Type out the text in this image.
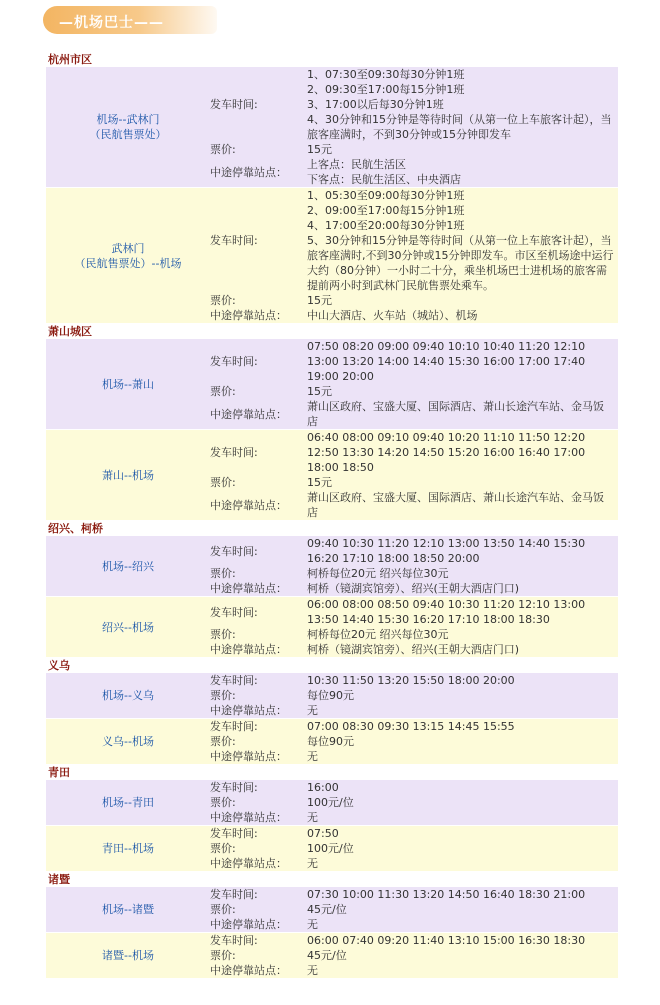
—机场巴士——
杭州市区
机场--武林门
（民航售票处）
发车时间:
1、07:30至09:30每30分钟1班
2、09:30至17:00每15分钟1班
3、17:00以后每30分钟1班
4、30分钟和15分钟是等待时间（从第一位上车旅客计起），当旅客座满时，不到30分钟或15分钟即发车
票价:	15元
中途停靠站点：
上客点：民航生活区
下客点：民航生活区、中央酒店
武林门
（民航售票处）--机场
发车时间:
1、05:30至09:00每30分钟1班
2、09:00至17:00每15分钟1班
4、17:00至20:00每30分钟1班
5、30分钟和15分钟是等待时间（从第一位上车旅客计起），当旅客座满时,不到30分钟或15分钟即发车。市区至机场途中运行大约（80分钟）一小时二十分，乘坐机场巴士进机场的旅客需提前两小时到武林门民航售票处乘车。
票价:	15元
中途停靠站点：	中山大酒店、火车站（城站）、机场
萧山城区
机场--萧山
发车时间:
07:50 08:20 09:00 09:40 10:10 10:40 11:20 12:10
13:00 13:20 14:00 14:40 15:30 16:00 17:00 17:40
19:00 20:00
票价:	15元
中途停靠站点：
萧山区政府、宝盛大厦、国际酒店、萧山长途汽车站、金马饭店
萧山--机场
发车时间:
06:40 08:00 09:10 09:40 10:20 11:10 11:50 12:20
12:50 13:30 14:20 14:50 15:20 16:00 16:40 17:00
18:00 18:50
票价:	15元
中途停靠站点：
萧山区政府、宝盛大厦、国际酒店、萧山长途汽车站、金马饭店
绍兴、柯桥
机场--绍兴
发车时间:
09:40 10:30 11:20 12:10 13:00 13:50 14:40 15:30
16:20 17:10 18:00 18:50 20:00
票价:	柯桥每位20元 绍兴每位30元
中途停靠站点：	柯桥（镜湖宾馆旁）、绍兴(王朝大酒店门口)
绍兴--机场
发车时间:
06:00 08:00 08:50 09:40 10:30 11:20 12:10 13:00
13:50 14:40 15:30 16:20 17:10 18:00 18:30
票价:	柯桥每位20元 绍兴每位30元
中途停靠站点：	柯桥（镜湖宾馆旁）、绍兴(王朝大酒店门口)
义乌
机场--义乌
发车时间:	10:30 11:50 13:20 15:50 18:00 20:00
票价:	每位90元
中途停靠站点：	无
义乌--机场
发车时间:	07:00 08:30 09:30 13:15 14:45 15:55
票价:	每位90元
中途停靠站点：	无
青田
机场--青田
发车时间:	16:00
票价:	100元/位
中途停靠站点：	无
青田--机场
发车时间:	07:50
票价:	100元/位
中途停靠站点：	无
诸暨
机场--诸暨
发车时间:	07:30 10:00 11:30 13:20 14:50 16:40 18:30 21:00
票价:	45元/位
中途停靠站点：	无
诸暨--机场
发车时间:	06:00 07:40 09:20 11:40 13:10 15:00 16:30 18:30
票价:	45元/位
中途停靠站点：	无
